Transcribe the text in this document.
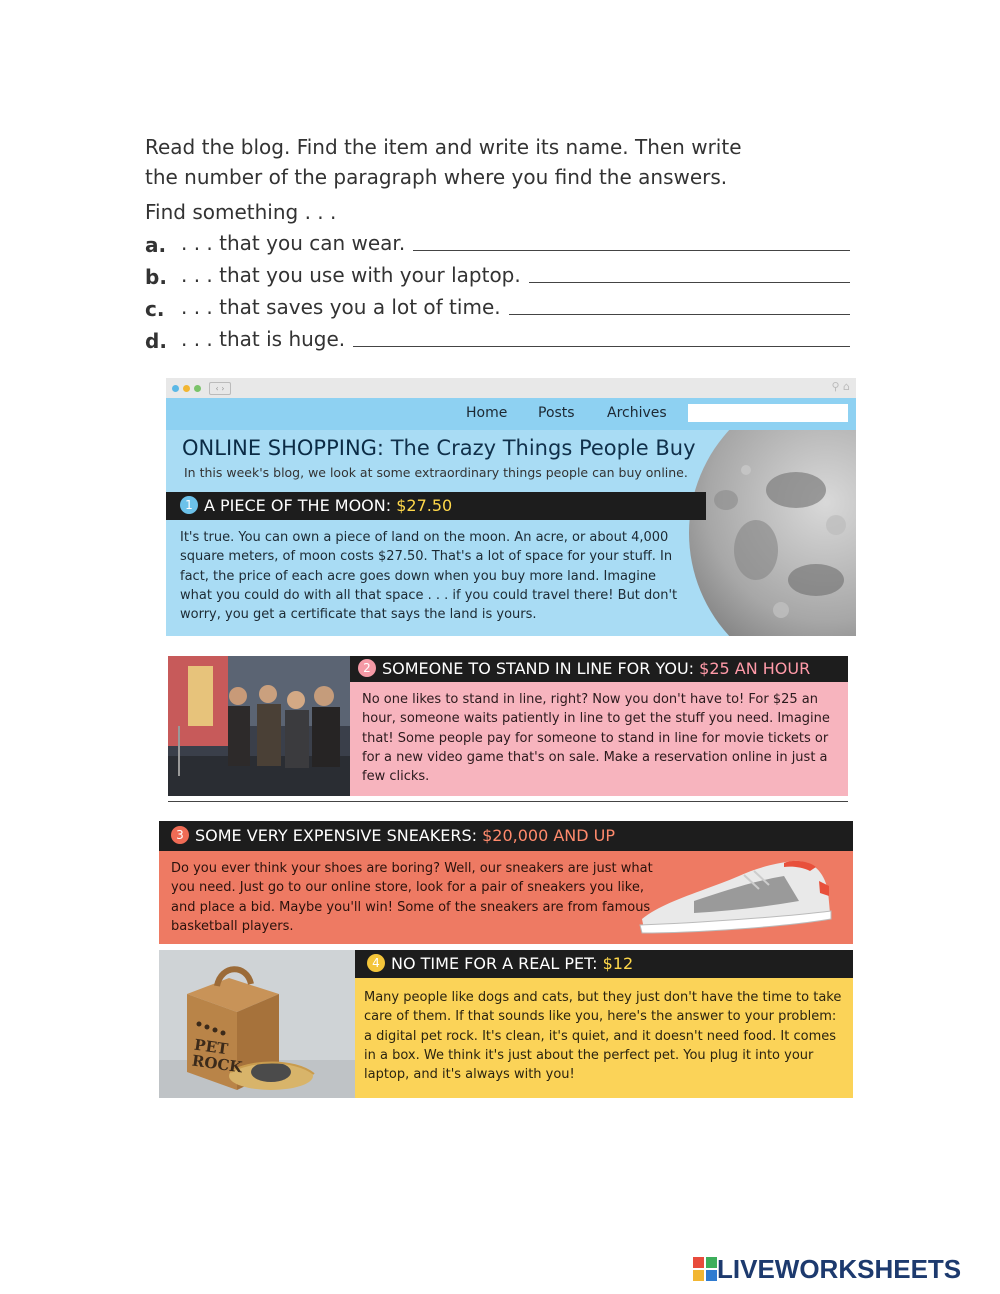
Read the blog. Find the item and write its name. Then write
the number of the paragraph where you find the answers.
Find something . . .
a. . . . that you can wear.
b. . . . that you use with your laptop.
c. . . . that saves you a lot of time.
d. . . . that is huge.
‹ ›	⚲ ⌂
Home Posts Archives
ONLINE SHOPPING: The Crazy Things People Buy
In this week's blog, we look at some extraordinary things people can buy online.
1 A PIECE OF THE MOON: $27.50
It's true. You can own a piece of land on the moon. An acre, or about 4,000 square meters, of moon costs $27.50. That's a lot of space for your stuff. In fact, the price of each acre goes down when you buy more land. Imagine what you could do with all that space . . . if you could travel there! But don't worry, you get a certificate that says the land is yours.
2 SOMEONE TO STAND IN LINE FOR YOU: $25 AN HOUR
No one likes to stand in line, right? Now you don't have to! For $25 an hour, someone waits patiently in line to get the stuff you need. Imagine that! Some people pay for someone to stand in line for movie tickets or for a new video game that's on sale. Make a reservation online in just a few clicks.
3 SOME VERY EXPENSIVE SNEAKERS: $20,000 AND UP
Do you ever think your shoes are boring? Well, our sneakers are just what you need. Just go to our online store, look for a pair of sneakers you like, and place a bid. Maybe you'll win! Some of the sneakers are from famous basketball players.
PET ROCK
4 NO TIME FOR A REAL PET: $12
Many people like dogs and cats, but they just don't have the time to take care of them. If that sounds like you, here's the answer to your problem: a digital pet rock. It's clean, it's quiet, and it doesn't need food. It comes in a box. We think it's just about the perfect pet. You plug it into your laptop, and it's always with you!
LIVEWORKSHEETS
